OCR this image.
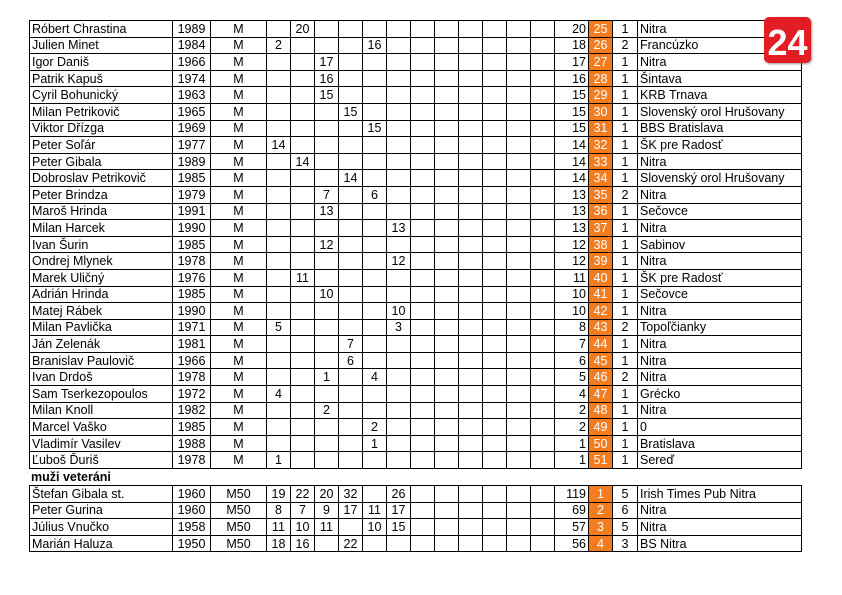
Róbert Chrastina	1989	M		20											20	25	1	Nitra
Julien Minet	1984	M	2				16								18	26	2	Francúzko
Igor Daniš	1966	M			17										17	27	1	Nitra
Patrik Kapuš	1974	M			16										16	28	1	Šintava
Cyril Bohunický	1963	M			15										15	29	1	KRB Trnava
Milan Petrikovič	1965	M				15									15	30	1	Slovenský orol Hrušovany
Viktor Dřízga	1969	M					15								15	31	1	BBS Bratislava
Peter Soľár	1977	M	14												14	32	1	ŠK pre Radosť
Peter Gibala	1989	M		14											14	33	1	Nitra
Dobroslav Petrikovič	1985	M				14									14	34	1	Slovenský orol Hrušovany
Peter Brindza	1979	M			7		6								13	35	2	Nitra
Maroš Hrinda	1991	M			13										13	36	1	Sečovce
Milan Harcek	1990	M						13							13	37	1	Nitra
Ivan Šurin	1985	M			12										12	38	1	Sabinov
Ondrej Mlynek	1978	M						12							12	39	1	Nitra
Marek Uličný	1976	M		11											11	40	1	ŠK pre Radosť
Adrián Hrinda	1985	M			10										10	41	1	Sečovce
Matej Rábek	1990	M						10							10	42	1	Nitra
Milan Pavlička	1971	M	5					3							8	43	2	Topoľčianky
Ján Zelenák	1981	M				7									7	44	1	Nitra
Branislav Paulovič	1966	M				6									6	45	1	Nitra
Ivan Drdoš	1978	M			1		4								5	46	2	Nitra
Sam Tserkezopoulos	1972	M	4												4	47	1	Grécko
Milan Knoll	1982	M			2										2	48	1	Nitra
Marcel Vaško	1985	M					2								2	49	1	0
Vladimír Vasilev	1988	M					1								1	50	1	Bratislava
Ľuboš Ďuriš	1978	M	1												1	51	1	Sereď
muži veteráni
Štefan Gibala st.	1960	M50	19	22	20	32		26							119	1	5	Irish Times Pub Nitra
Peter Gurina	1960	M50	8	7	9	17	11	17							69	2	6	Nitra
Július Vnučko	1958	M50	11	10	11		10	15							57	3	5	Nitra
Marián Haluza	1950	M50	18	16		22									56	4	3	BS Nitra
24
